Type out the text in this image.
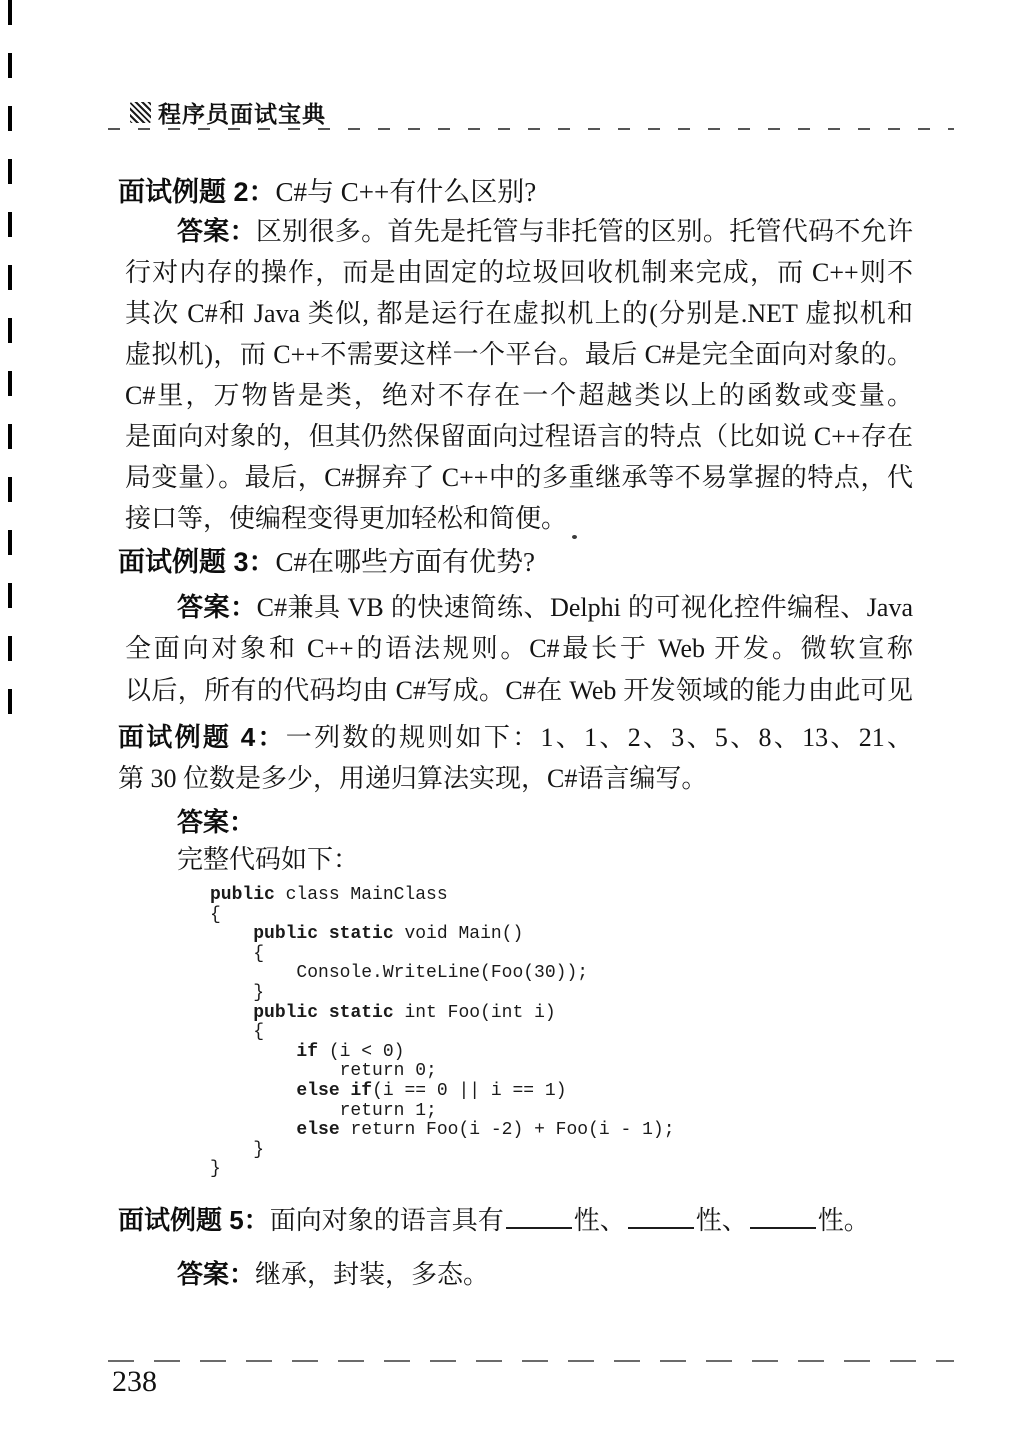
程序员面试宝典
面试例题 2：C#与 C++有什么区别?
答案：区别很多。首先是托管与非托管的区别。托管代码不允许
行对内存的操作，而是由固定的垃圾回收机制来完成，而 C++则不
其次 C#和 Java 类似, 都是运行在虚拟机上的(分别是.NET 虚拟机和
虚拟机)，而 C++不需要这样一个平台。最后 C#是完全面向对象的。
C#里，万物皆是类，绝对不存在一个超越类以上的函数或变量。
是面向对象的，但其仍然保留面向过程语言的特点（比如说 C++存在
局变量）。最后，C#摒弃了 C++中的多重继承等不易掌握的特点，代
接口等，使编程变得更加轻松和简便。
面试例题 3：C#在哪些方面有优势?
答案：C#兼具 VB 的快速简练、Delphi 的可视化控件编程、Java
全面向对象和 C++的语法规则。C#最长于 Web 开发。微软宣称
以后，所有的代码均由 C#写成。C#在 Web 开发领域的能力由此可见
面试例题 4：一列数的规则如下：1、1、2、3、5、8、13、21、
第 30 位数是多少，用递归算法实现，C#语言编写。
答案：
完整代码如下：
public class MainClass
{
public static void Main()
{
Console.WriteLine(Foo(30));
}
public static int Foo(int i)
{
if (i < 0)
return 0;
else if(i == 0 || i == 1)
return 1;
else return Foo(i -2) + Foo(i - 1);
}
}
面试例题 5：面向对象的语言具有	性、	性、	性。
答案：继承，封装，多态。
238
